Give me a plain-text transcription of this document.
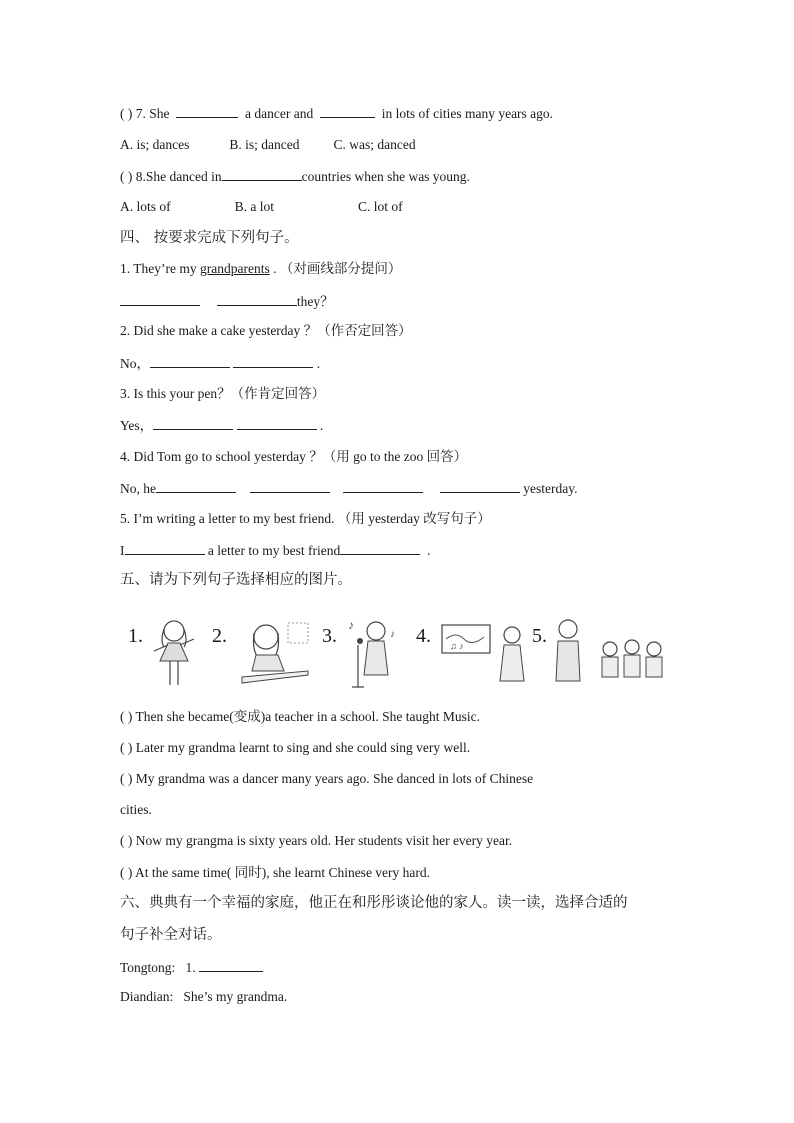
( ) 7. She	a dancer and	in lots of cities many years ago.
A. is; dances	B. is; danced	C. was; danced
( ) 8.She danced in	countries when she was young.
A. lots of	B. a lot	C. lot of
四、 按要求完成下列句子。
1. They’re my grandparents . （对画线部分提问）
they？
2. Did she make a cake yesterday ？（作否定回答）
No，	.
3. Is this your pen？（作肯定回答）
Yes，	.
4. Did Tom go to school yesterday ？（用 go to the zoo 回答）
No, he	yesterday.
5. I’m writing a letter to my best friend. （用 yesterday 改写句子）
I	a letter to my best friend	.
五、请为下列句子选择相应的图片。
1.	2.	3. ♪
♪ 4. ♫ ♪	5.
( ) Then she became(变成)a teacher in a school. She taught Music.
( ) Later my grandma learnt to sing and she could sing very well.
( ) My grandma was a dancer many years ago. She danced in lots of Chinese
cities.
( ) Now my grangma is sixty years old. Her students visit her every year.
( ) At the same time( 同时), she learnt Chinese very hard.
六、典典有一个幸福的家庭，他正在和彤彤谈论他的家人。读一读，选择合适的
句子补全对话。
Tongtong: 1.
Diandian: She’s my grandma.
